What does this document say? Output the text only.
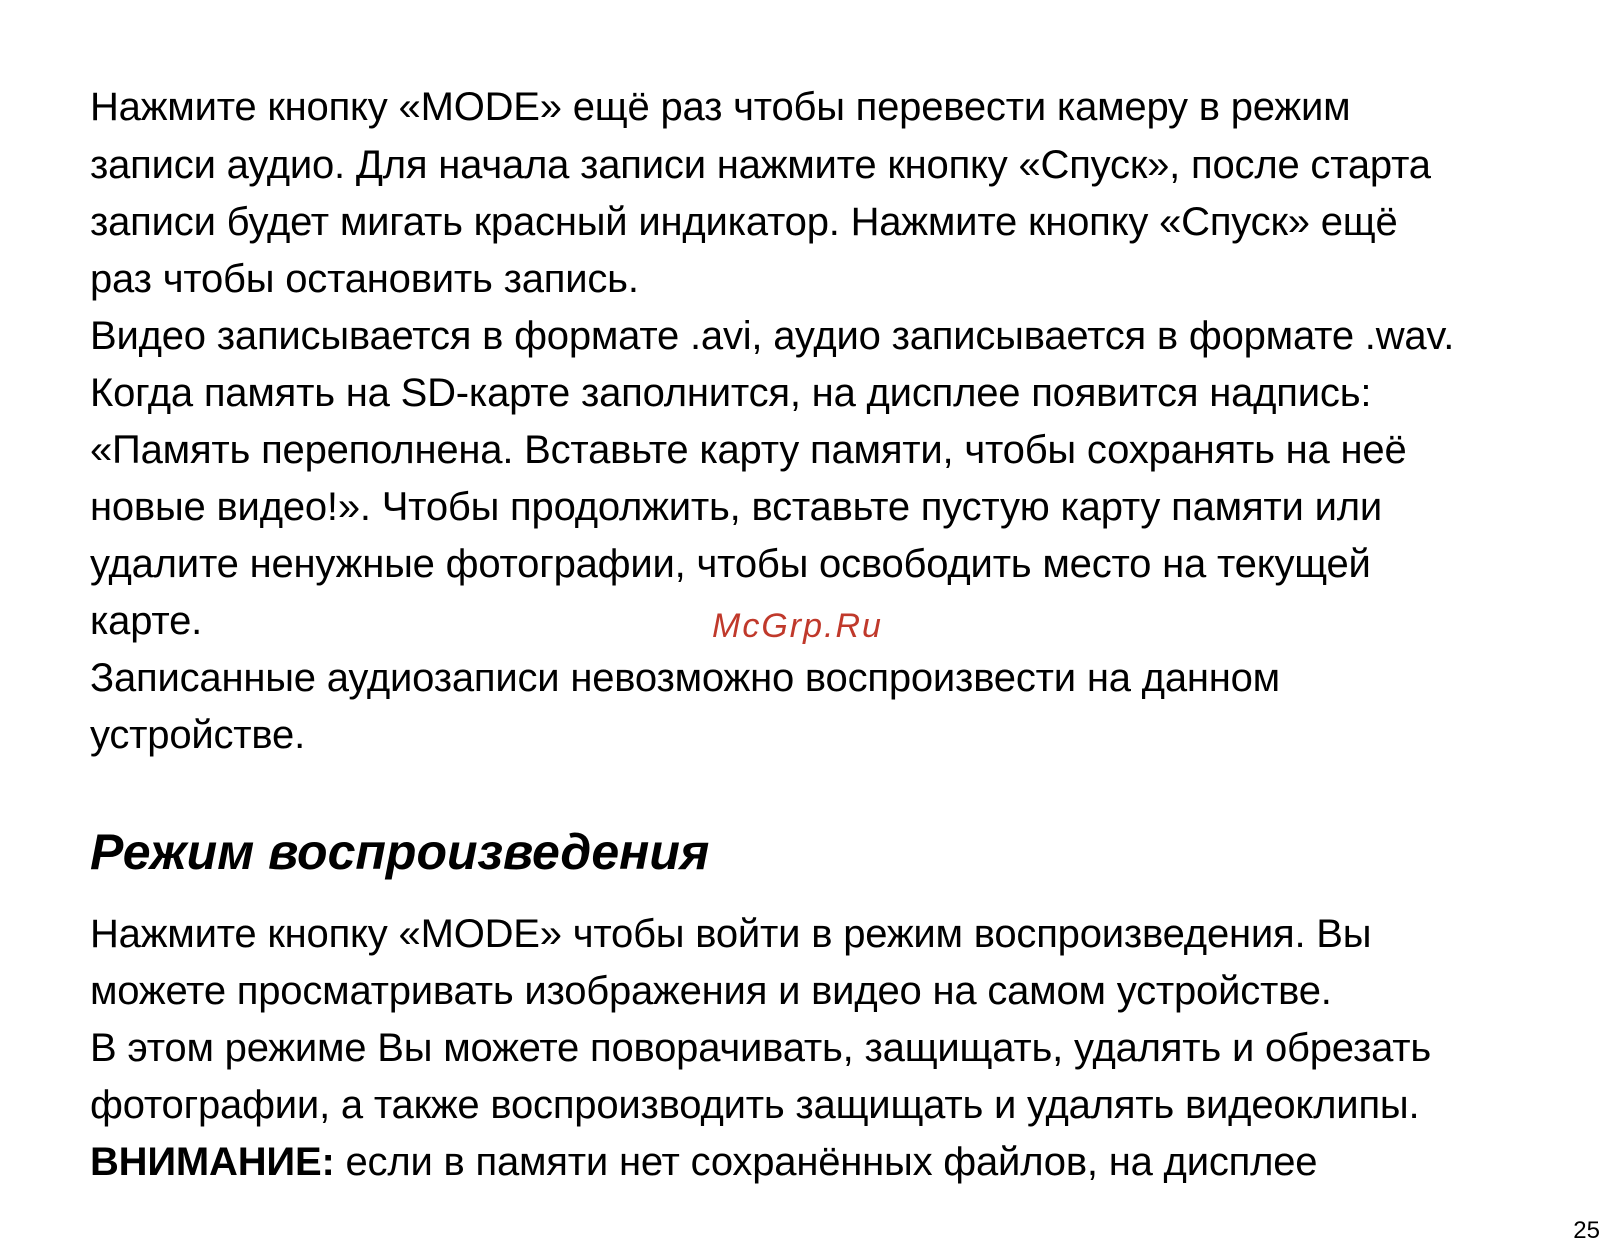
Нажмите кнопку «MODE» ещё раз чтобы перевести камеру в режим
записи аудио. Для начала записи нажмите кнопку «Спуск», после старта
записи будет мигать красный индикатор. Нажмите кнопку «Спуск» ещё
раз чтобы остановить запись.
Видео записывается в формате .avi, аудио записывается в формате .wav.
Когда память на SD-карте заполнится, на дисплее появится надпись:
«Память переполнена. Вставьте карту памяти, чтобы сохранять на неё
новые видео!». Чтобы продолжить, вставьте пустую карту памяти или
удалите ненужные фотографии, чтобы освободить место на текущей
карте.
Записанные аудиозаписи невозможно воспроизвести на данном
устройстве.
McGrp.Ru
Режим воспроизведения
Нажмите кнопку «MODE» чтобы войти в режим воспроизведения. Вы
можете просматривать изображения и видео на самом устройстве.
В этом режиме Вы можете поворачивать, защищать, удалять и обрезать
фотографии, а также воспроизводить защищать и удалять видеоклипы.
ВНИМАНИЕ: если в памяти нет сохранённых файлов, на дисплее
25
